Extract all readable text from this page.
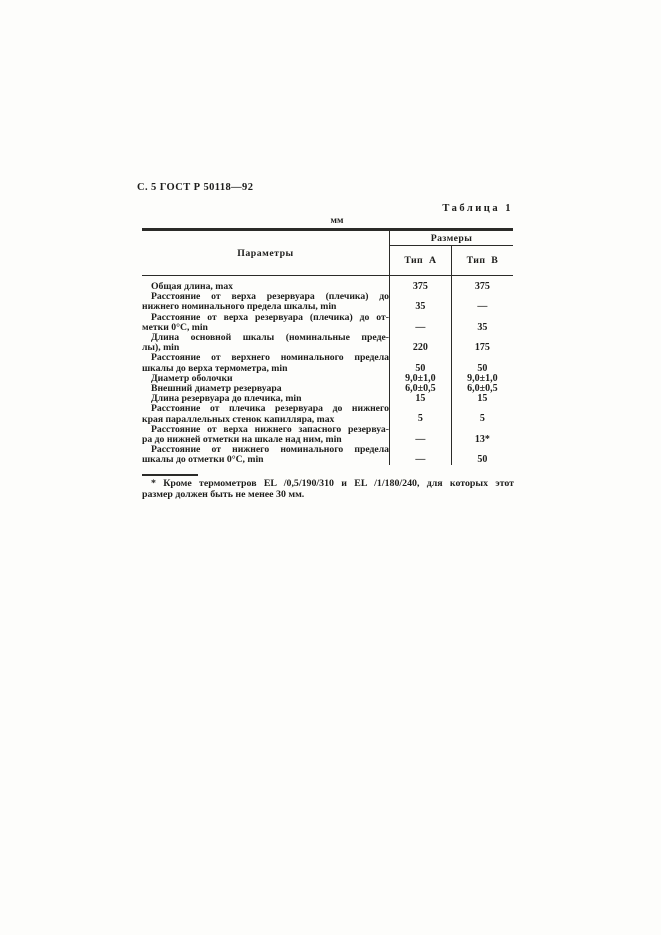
С. 5 ГОСТ Р 50118—92
Таблица 1
мм
Параметры	Размеры	
	Тип А	Тип В

Общая длина, max	375	375

Расстояние от верха резервуара (плечика) до
нижнего номинального предела шкалы, min	35	—

Расстояние от верха резервуара (плечика) до от-
метки 0°С, min	—	35

Длина основной шкалы (номинальные преде-
лы), min	220	175

Расстояние от верхнего номинального предела
шкалы до верха термометра, min	50	50

Диаметр оболочки	9,0±1,0	9,0±1,0

Внешний диаметр резервуара	6,0±0,5	6,0±0,5

Длина резервуара до плечика, min	15	15

Расстояние от плечика резервуара до нижнего
края параллельных стенок капилляра, max	5	5

Расстояние от верха нижнего запасного резервуа-
ра до нижней отметки на шкале над ним, min	—	13*

Расстояние от нижнего номинального предела
шкалы до отметки 0°С, min	—	50
* Кроме термометров EL /0,5/190/310 и EL /1/180/240, для которых этот
размер должен быть не менее 30 мм.
